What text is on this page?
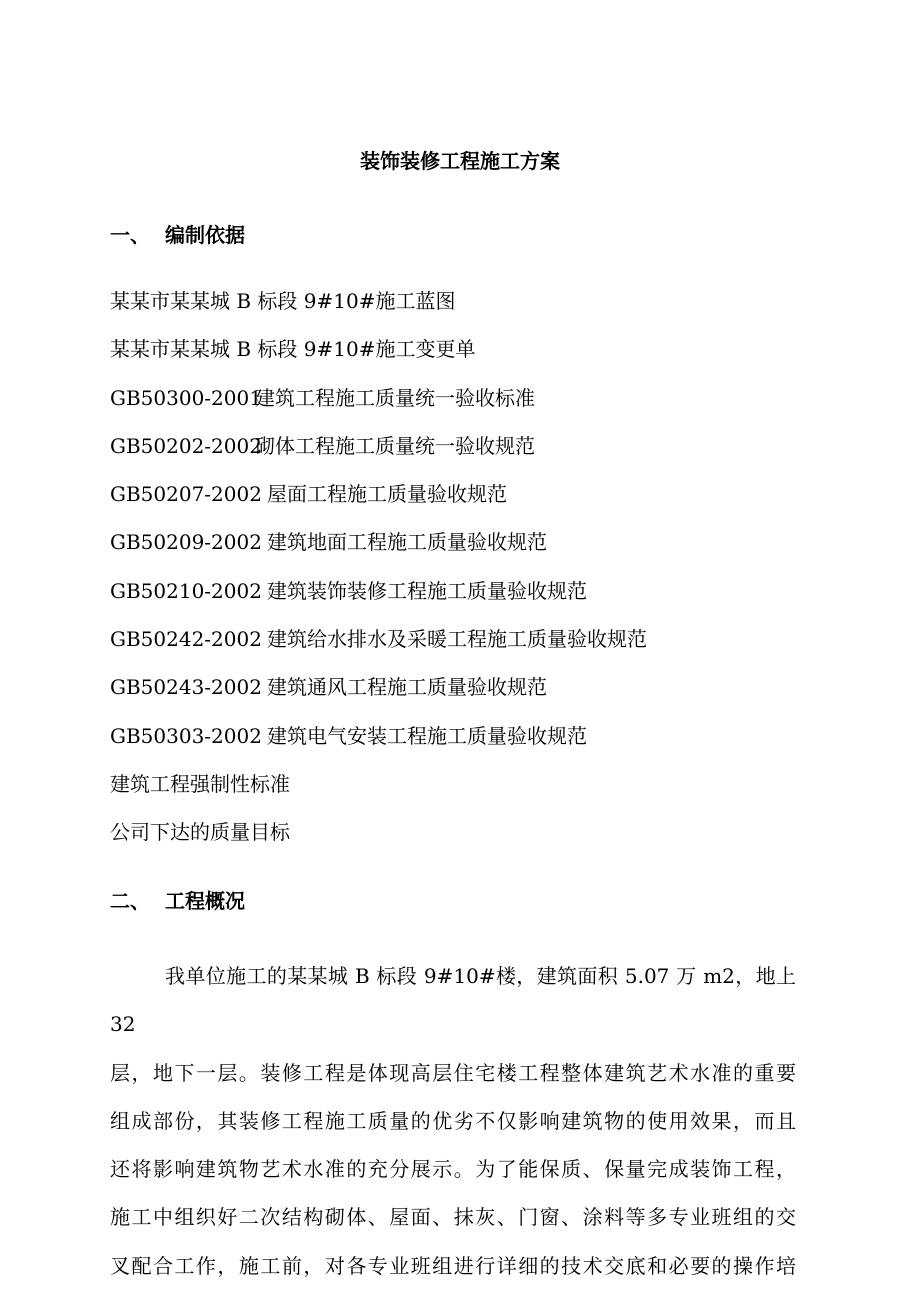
装饰装修工程施工方案
一、 编制依据
某某市某某城 B 标段 9#10#施工蓝图
某某市某某城 B 标段 9#10#施工变更单
GB50300-2001建筑工程施工质量统一验收标准
GB50202-2002砌体工程施工质量统一验收规范
GB50207-2002 屋面工程施工质量验收规范
GB50209-2002 建筑地面工程施工质量验收规范
GB50210-2002 建筑装饰装修工程施工质量验收规范
GB50242-2002 建筑给水排水及采暖工程施工质量验收规范
GB50243-2002 建筑通风工程施工质量验收规范
GB50303-2002 建筑电气安装工程施工质量验收规范
建筑工程强制性标准
公司下达的质量目标
二、 工程概况
我单位施工的某某城 B 标段 9#10#楼，建筑面积 5.07 万 m2，地上 32
层，地下一层。装修工程是体现高层住宅楼工程整体建筑艺术水准的重要
组成部份，其装修工程施工质量的优劣不仅影响建筑物的使用效果，而且
还将影响建筑物艺术水准的充分展示。为了能保质、保量完成装饰工程，
施工中组织好二次结构砌体、屋面、抹灰、门窗、涂料等多专业班组的交
叉配合工作，施工前，对各专业班组进行详细的技术交底和必要的操作培
